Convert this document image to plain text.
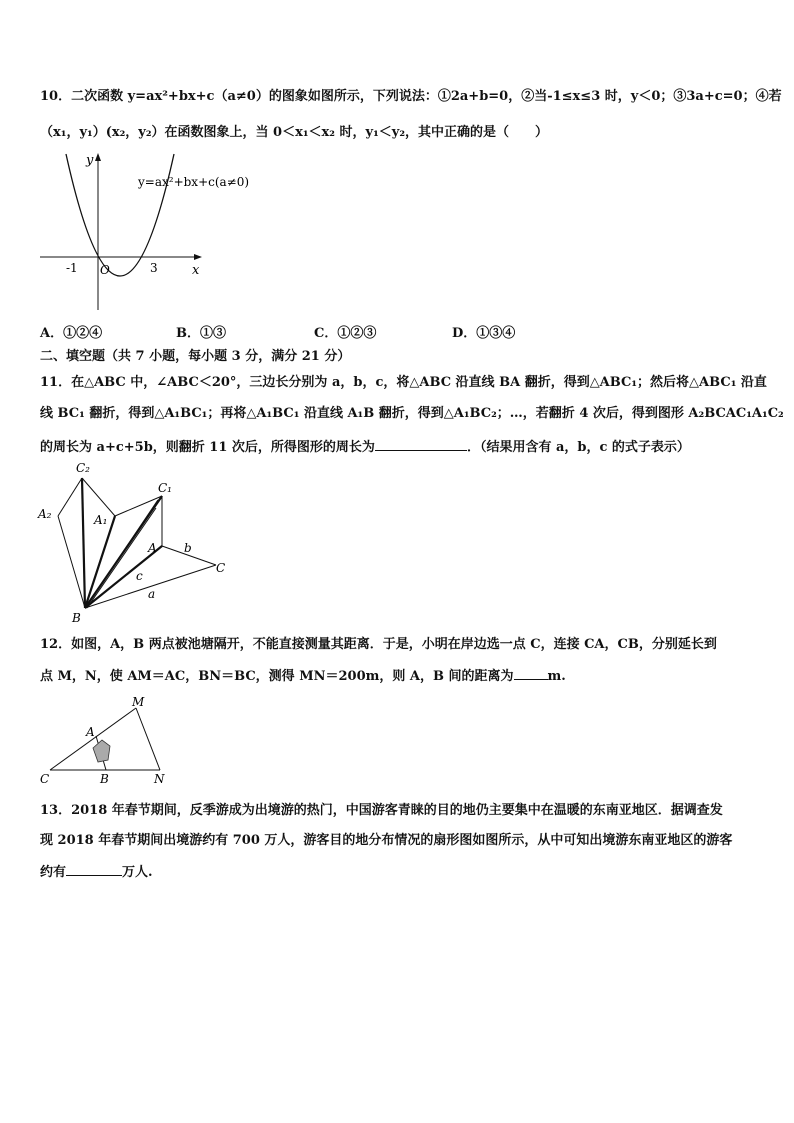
10．二次函数 y=ax²+bx+c（a≠0）的图象如图所示，下列说法：①2a+b=0，②当-1≤x≤3 时，y＜0；③3a+c=0；④若
（x₁，y₁）(x₂，y₂）在函数图象上，当 0＜x₁＜x₂ 时，y₁＜y₂，其中正确的是（　　）
y
x
O
-1	3
y=ax²+bx+c(a≠0)
A．①②④	B．①③	C．①②③	D．①③④
二、填空题（共 7 小题，每小题 3 分，满分 21 分）
11．在△ABC 中，∠ABC＜20°，三边长分别为 a，b，c，将△ABC 沿直线 BA 翻折，得到△ABC₁；然后将△ABC₁ 沿直
线 BC₁ 翻折，得到△A₁BC₁；再将△A₁BC₁ 沿直线 A₁B 翻折，得到△A₁BC₂；…，若翻折 4 次后，得到图形 A₂BCAC₁A₁C₂
的周长为 a+c+5b，则翻折 11 次后，所得图形的周长为	．（结果用含有 a，b，c 的式子表示）
C₂
A₂	A₁
C₁
A b
C
c
a
B
12．如图，A，B 两点被池塘隔开，不能直接测量其距离．于是，小明在岸边选一点 C，连接 CA，CB，分别延长到
点 M，N，使 AM＝AC，BN＝BC，测得 MN＝200m，则 A，B 间的距离为	m.
M
A
C	B	N
13．2018 年春节期间，反季游成为出境游的热门，中国游客青睐的目的地仍主要集中在温暖的东南亚地区．据调查发
现 2018 年春节期间出境游约有 700 万人，游客目的地分布情况的扇形图如图所示，从中可知出境游东南亚地区的游客
约有	万人.
